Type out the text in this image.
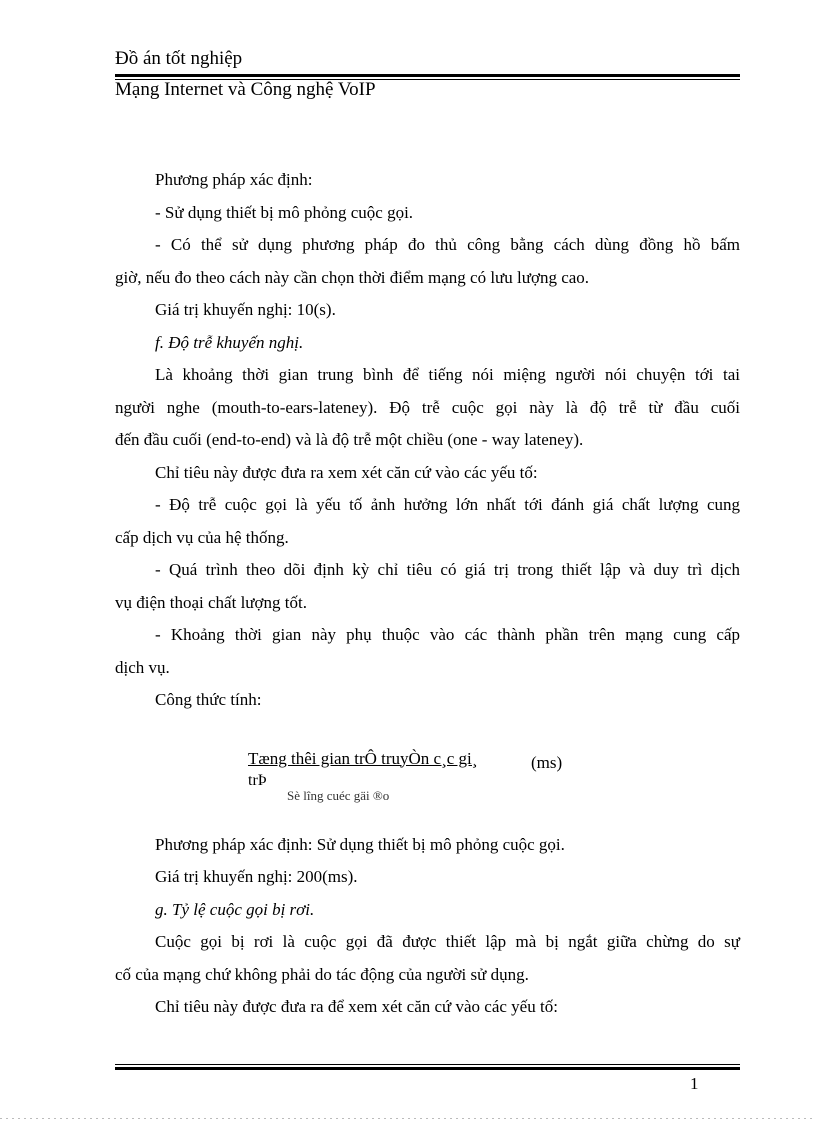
Đồ án tốt nghiệp
Mạng Internet và Công nghệ VoIP
Phương pháp xác định:
- Sử dụng thiết bị mô phỏng cuộc gọi.
- Có thể sử dụng phương pháp đo thủ công bằng cách dùng đồng hồ bấm
giờ, nếu đo theo cách này cần chọn thời điểm mạng có lưu lượng cao.
Giá trị khuyến nghị: 10(s).
f. Độ trễ khuyến nghị.
Là khoảng thời gian trung bình để tiếng nói miệng người nói chuyện tới tai
người nghe (mouth-to-ears-lateney). Độ trễ cuộc gọi này là độ trễ từ đầu cuối
đến đầu cuối (end-to-end) và là độ trễ một chiều (one - way lateney).
Chỉ tiêu này được đưa ra xem xét căn cứ vào các yếu tố:
- Độ trễ cuộc gọi là yếu tố ảnh hưởng lớn nhất tới đánh giá chất lượng cung
cấp dịch vụ của hệ thống.
- Quá trình theo dõi định kỳ chỉ tiêu có giá trị trong thiết lập và duy trì dịch
vụ điện thoại chất lượng tốt.
- Khoảng thời gian này phụ thuộc vào các thành phần trên mạng cung cấp
dịch vụ.
Công thức tính:
Tæng thêi gian trÔ truyÒn c¸c gi¸	(ms)
trÞ
Sè lîng cuéc gäi ®o
Phương pháp xác định: Sử dụng thiết bị mô phỏng cuộc gọi.
Giá trị khuyến nghị: 200(ms).
g. Tỷ lệ cuộc gọi bị rơi.
Cuộc gọi bị rơi là cuộc gọi đã được thiết lập mà bị ngắt giữa chừng do sự
cố của mạng chứ không phải do tác động của người sử dụng.
Chỉ tiêu này được đưa ra để xem xét căn cứ vào các yếu tố:
1
